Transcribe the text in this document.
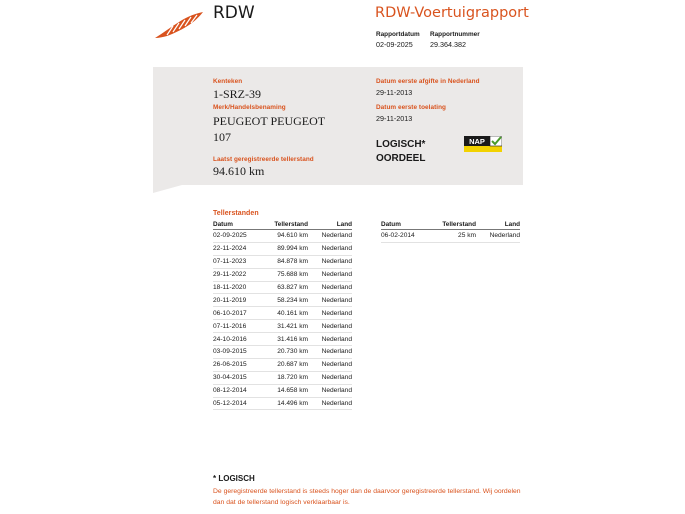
RDW	RDW-Voertuigrapport
Rapportdatum
02-09-2025
Rapportnummer
29.364.382
Kenteken
1-SRZ-39
Merk/Handelsbenaming
PEUGEOT PEUGEOT
107
Laatst geregistreerde tellerstand
94.610 km
Datum eerste afgifte in Nederland
29-11-2013
Datum eerste toelating
29-11-2013
LOGISCH*
OORDEEL
NAP
Tellerstanden
Datum	Tellerstand	Land
02-09-2025	94.610 km	Nederland
22-11-2024	89.994 km	Nederland
07-11-2023	84.878 km	Nederland
29-11-2022	75.688 km	Nederland
18-11-2020	63.827 km	Nederland
20-11-2019	58.234 km	Nederland
06-10-2017	40.161 km	Nederland
07-11-2016	31.421 km	Nederland
24-10-2016	31.416 km	Nederland
03-09-2015	20.730 km	Nederland
26-06-2015	20.687 km	Nederland
30-04-2015	18.720 km	Nederland
08-12-2014	14.658 km	Nederland
05-12-2014	14.496 km	Nederland
Datum	Tellerstand	Land
06-02-2014	25 km	Nederland
* LOGISCH
De geregistreerde tellerstand is steeds hoger dan de daarvoor geregistreerde tellerstand. Wij oordelen dan dat de tellerstand logisch verklaarbaar is.
